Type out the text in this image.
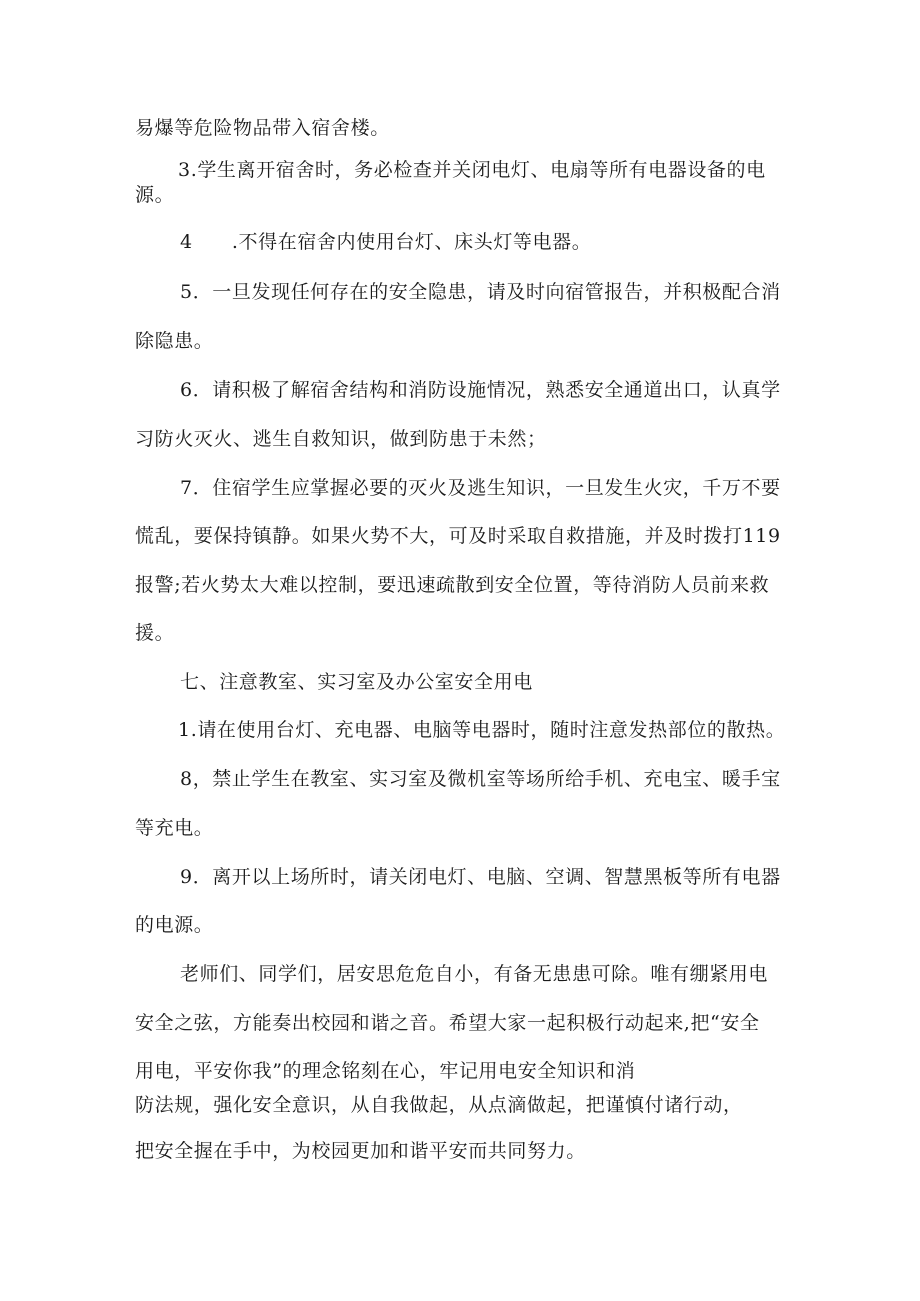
易爆等危险物品带入宿舍楼。
3.学生离开宿舍时，务必检查并关闭电灯、电扇等所有电器设备的电
源。
4　　.不得在宿舍内使用台灯、床头灯等电器。
5．一旦发现任何存在的安全隐患，请及时向宿管报告，并积极配合消
除隐患。
6．请积极了解宿舍结构和消防设施情况，熟悉安全通道出口，认真学
习防火灭火、逃生自救知识，做到防患于未然；
7．住宿学生应掌握必要的灭火及逃生知识，一旦发生火灾，千万不要
慌乱，要保持镇静。如果火势不大，可及时采取自救措施，并及时拨打119
报警;若火势太大难以控制，要迅速疏散到安全位置，等待消防人员前来救
援。
七、注意教室、实习室及办公室安全用电
1.请在使用台灯、充电器、电脑等电器时，随时注意发热部位的散热。
8，禁止学生在教室、实习室及微机室等场所给手机、充电宝、暖手宝
等充电。
9．离开以上场所时，请关闭电灯、电脑、空调、智慧黑板等所有电器
的电源。
老师们、同学们，居安思危危自小，有备无患患可除。唯有绷紧用电
安全之弦，方能奏出校园和谐之音。希望大家一起积极行动起来,把“安全
用电，平安你我”的理念铭刻在心，牢记用电安全知识和消
防法规，强化安全意识，从自我做起，从点滴做起，把谨慎付诸行动，
把安全握在手中，为校园更加和谐平安而共同努力。
